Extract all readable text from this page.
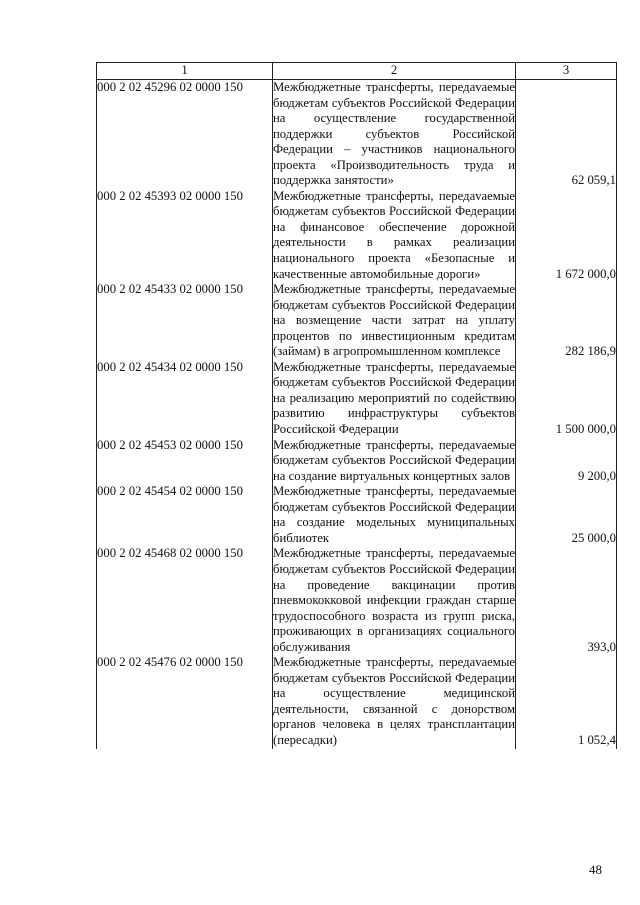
1	2	3
000 2 02 45296 02 0000 150	Межбюджетные трансферты, передаvаемые бюджетам субъектов Российской Федерации на осуществление государственной поддержки субъектов Российской Федерации – участников национального проекта «Производительность труда и поддержка занятости»	62 059,1
000 2 02 45393 02 0000 150	Межбюджетные трансферты, передаvаемые бюджетам субъектов Российской Федерации на финансовое обеспечение дорожной деятельности в рамках реализации национального проекта «Безопасные и качественные автомобильные дороги»	1 672 000,0
000 2 02 45433 02 0000 150	Межбюджетные трансферты, передаvаемые бюджетам субъектов Российской Федерации на возмещение части затрат на уплату процентов по инвестиционным кредитам (займам) в агропромышленном комплексе	282 186,9
000 2 02 45434 02 0000 150	Межбюджетные трансферты, передаvаемые бюджетам субъектов Российской Федерации на реализацию мероприятий по содействию развитию инфраструктуры субъектов Российской Федерации	1 500 000,0
000 2 02 45453 02 0000 150	Межбюджетные трансферты, передаvаемые бюджетам субъектов Российской Федерации на создание виртуальных концертных залов	9 200,0
000 2 02 45454 02 0000 150	Межбюджетные трансферты, передаvаемые бюджетам субъектов Российской Федерации на создание модельных муниципальных библиотек	25 000,0
000 2 02 45468 02 0000 150	Межбюджетные трансферты, передаvаемые бюджетам субъектов Российской Федерации на проведение вакцинации против пневмококковой инфекции граждан старше трудоспособного возраста из групп риска, проживающих в организациях социального обслуживания	393,0
000 2 02 45476 02 0000 150	Межбюджетные трансферты, передаvаемые бюджетам субъектов Российской Федерации на осуществление медицинской деятельности, связанной с донорством органов человека в целях трансплантации (пересадки)	1 052,4
48
